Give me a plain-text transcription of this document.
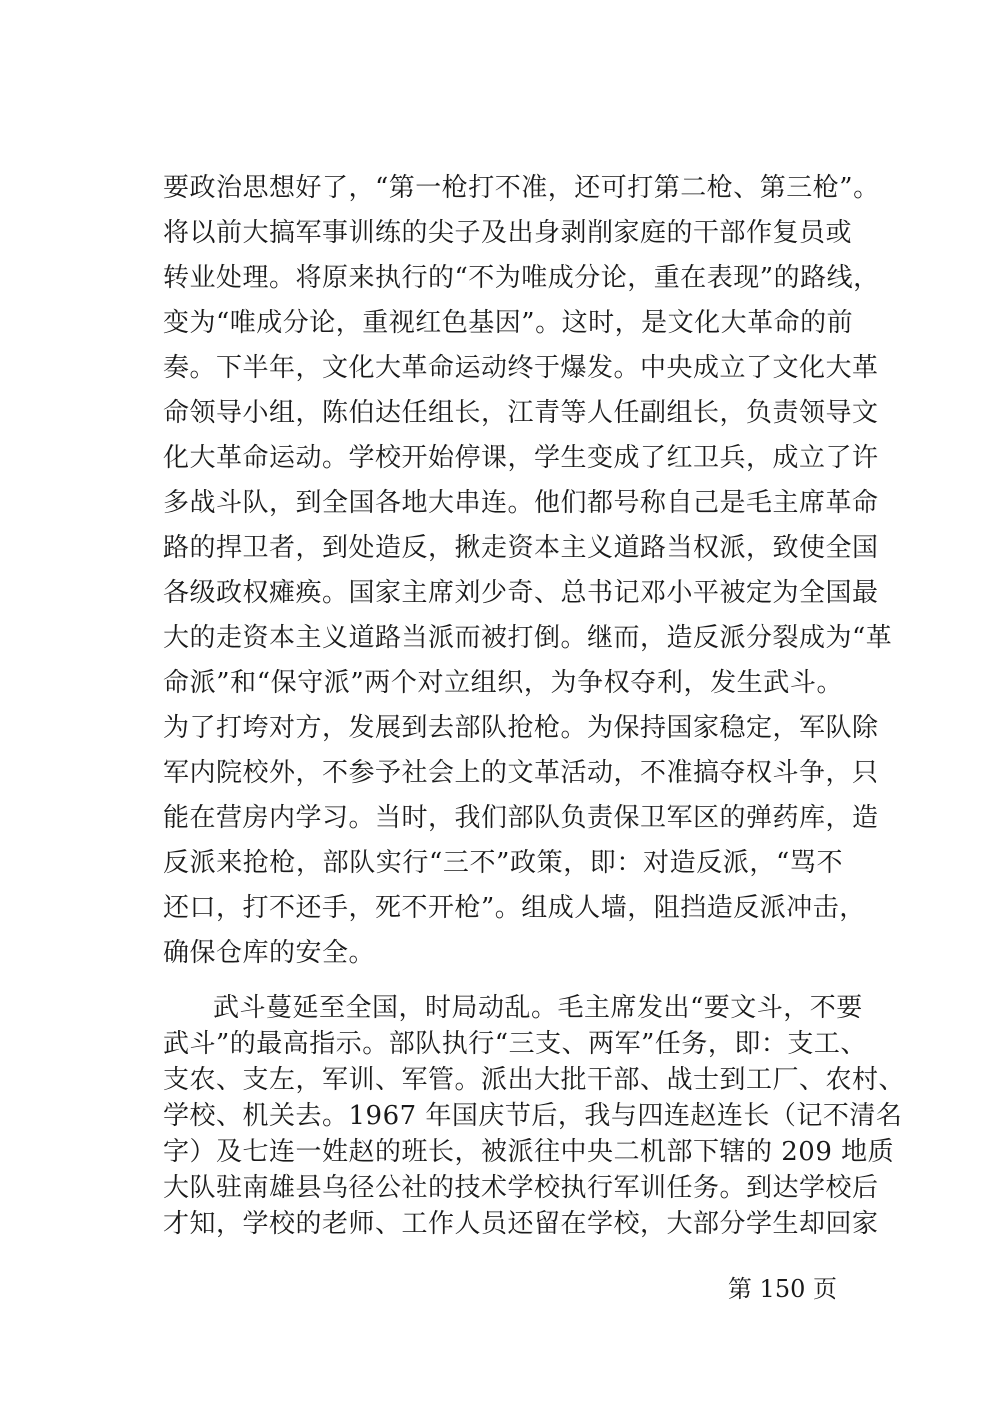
要政治思想好了，“第一枪打不准，还可打第二枪、第三枪”。
将以前大搞军事训练的尖子及出身剥削家庭的干部作复员或
转业处理。将原来执行的“不为唯成分论，重在表现”的路线，
变为“唯成分论，重视红色基因”。这时，是文化大革命的前
奏。下半年，文化大革命运动终于爆发。中央成立了文化大革
命领导小组，陈伯达任组长，江青等人任副组长，负责领导文
化大革命运动。学校开始停课，学生变成了红卫兵，成立了许
多战斗队，到全国各地大串连。他们都号称自己是毛主席革命
路的捍卫者，到处造反，揪走资本主义道路当权派，致使全国
各级政权瘫痪。国家主席刘少奇、总书记邓小平被定为全国最
大的走资本主义道路当派而被打倒。继而，造反派分裂成为“革
命派”和“保守派”两个对立组织，为争权夺利，发生武斗。
为了打垮对方，发展到去部队抢枪。为保持国家稳定，军队除
军内院校外，不参予社会上的文革活动，不准搞夺权斗争，只
能在营房内学习。当时，我们部队负责保卫军区的弹药库，造
反派来抢枪，部队实行“三不”政策，即：对造反派，“骂不
还口，打不还手，死不开枪”。组成人墙，阻挡造反派冲击，
确保仓库的安全。
武斗蔓延至全国，时局动乱。毛主席发出“要文斗，不要
武斗”的最高指示。部队执行“三支、两军”任务，即：支工、
支农、支左，军训、军管。派出大批干部、战士到工厂、农村、
学校、机关去。1967 年国庆节后，我与四连赵连长（记不清名
字）及七连一姓赵的班长，被派往中央二机部下辖的 209 地质
大队驻南雄县乌径公社的技术学校执行军训任务。到达学校后
才知，学校的老师、工作人员还留在学校，大部分学生却回家
第 150 页
